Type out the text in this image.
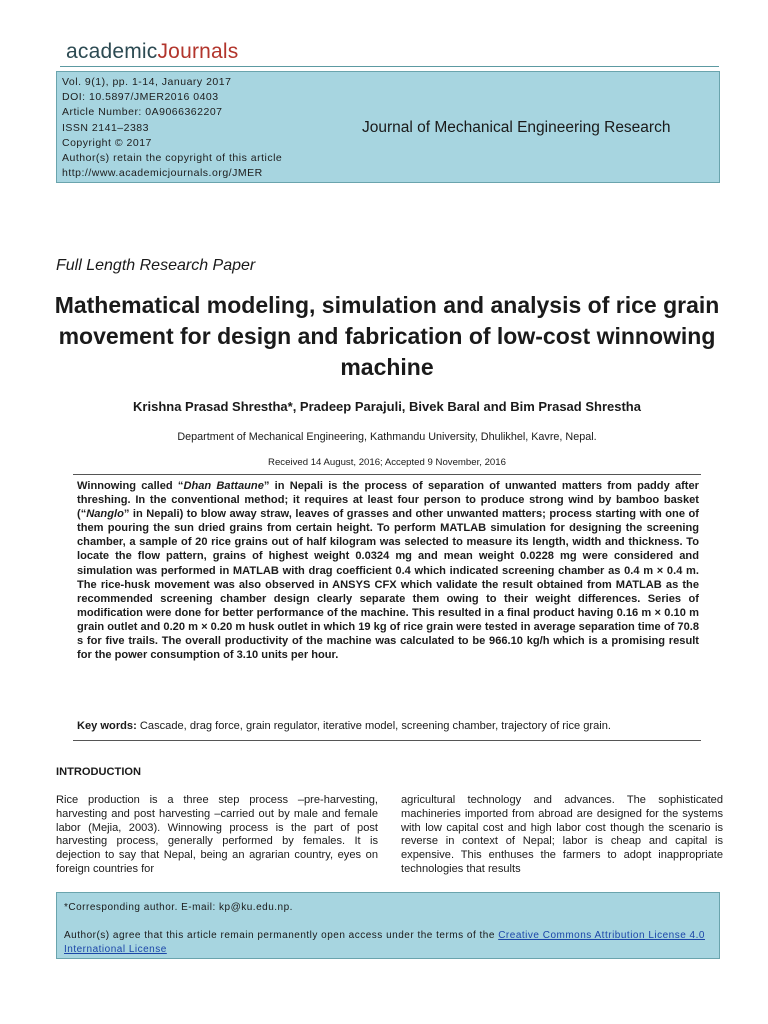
academicJournals
Vol. 9(1), pp. 1-14, January 2017
DOI: 10.5897/JMER2016 0403
Article Number: 0A9066362207
ISSN 2141–2383
Copyright © 2017
Author(s) retain the copyright of this article
http://www.academicjournals.org/JMER
Journal of Mechanical Engineering Research
Full Length Research Paper
Mathematical modeling, simulation and analysis of rice grain movement for design and fabrication of low-cost winnowing machine
Krishna Prasad Shrestha*, Pradeep Parajuli, Bivek Baral and Bim Prasad Shrestha
Department of Mechanical Engineering, Kathmandu University, Dhulikhel, Kavre, Nepal.
Received 14 August, 2016; Accepted 9 November, 2016
Winnowing called “Dhan Battaune” in Nepali is the process of separation of unwanted matters from paddy after threshing. In the conventional method; it requires at least four person to produce strong wind by bamboo basket (“Nanglo” in Nepali) to blow away straw, leaves of grasses and other unwanted matters; process starting with one of them pouring the sun dried grains from certain height. To perform MATLAB simulation for designing the screening chamber, a sample of 20 rice grains out of half kilogram was selected to measure its length, width and thickness. To locate the flow pattern, grains of highest weight 0.0324 mg and mean weight 0.0228 mg were considered and simulation was performed in MATLAB with drag coefficient 0.4 which indicated screening chamber as 0.4 m × 0.4 m. The rice-husk movement was also observed in ANSYS CFX which validate the result obtained from MATLAB as the recommended screening chamber design clearly separate them owing to their weight differences. Series of modification were done for better performance of the machine. This resulted in a final product having 0.16 m × 0.10 m grain outlet and 0.20 m × 0.20 m husk outlet in which 19 kg of rice grain were tested in average separation time of 70.8 s for five trails. The overall productivity of the machine was calculated to be 966.10 kg/h which is a promising result for the power consumption of 3.10 units per hour.
Key words: Cascade, drag force, grain regulator, iterative model, screening chamber, trajectory of rice grain.
INTRODUCTION
Rice production is a three step process –pre-harvesting, harvesting and post harvesting –carried out by male and female labor (Mejia, 2003). Winnowing process is the part of post harvesting process, generally performed by females. It is dejection to say that Nepal, being an agrarian country, eyes on foreign countries for
agricultural technology and advances. The sophisticated machineries imported from abroad are designed for the systems with low capital cost and high labor cost though the scenario is reverse in context of Nepal; labor is cheap and capital is expensive. This enthuses the farmers to adopt inappropriate technologies that results
*Corresponding author. E-mail: kp@ku.edu.np.
Author(s) agree that this article remain permanently open access under the terms of the Creative Commons Attribution License 4.0 International License
